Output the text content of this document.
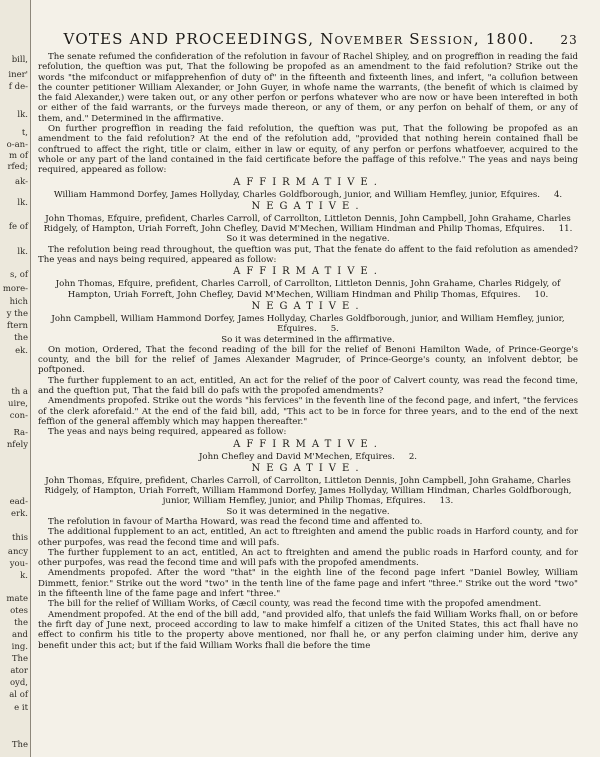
bill,
iner'
f de-
lk.
t,
o-an-
m of
rfed;
ak-
lk.
fe of
lk.
s, of
more-
hich
y the
ftern
the
ek.
th a
uire,
con-
Ra-
nfely
ead-
erk.
this
ancy
you-
k.
mate
otes
the
and
ing.
The
ator
oyd,
al of
e it
The
VOTES AND PROCEEDINGS, November Session, 1800.	23

The senate refumed the confideration of the refolution in favour of Rachel Shipley, and on progreffion in reading the faid refolution, the queftion was put, That the following be propofed as an amendment to the faid refolution? Strike out the words "the mifconduct or mifapprehenfion of duty of" in the fifteenth and fixteenth lines, and infert, "a collufion between the counter petitioner William Alexander, or John Guyer, in whofe name the warrants, (the benefit of which is claimed by the faid Alexander,) were taken out, or any other perfon or perfons whatever who are now or have been interefted in both or either of the faid warrants, or the furveys made thereon, or any of them, or any perfon on behalf of them, or any of them, and." Determined in the affirmative.

On further progreffion in reading the faid refolution, the queftion was put, That the following be propofed as an amendment to the faid refolution? At the end of the refolution add, "provided that nothing herein contained fhall be conftrued to affect the right, title or claim, either in law or equity, of any perfon or perfons whatfoever, acquired to the whole or any part of the land contained in the faid certificate before the paffage of this refolve." The yeas and nays being required, appeared as follow:

AFFIRMATIVE.
William Hammond Dorfey, James Hollyday, Charles Goldfborough, junior, and William Hemfley, junior, Efquires. 4.
NEGATIVE.
John Thomas, Efquire, prefident, Charles Carroll, of Carrollton, Littleton Dennis, John Campbell, John Grahame, Charles Ridgely, of Hampton, Uriah Forreft, John Chefley, David M'Mechen, William Hindman and Philip Thomas, Efquires. 11.
So it was determined in the negative.

The refolution being read throughout, the queftion was put, That the fenate do affent to the faid refolution as amended? The yeas and nays being required, appeared as follow:

AFFIRMATIVE.
John Thomas, Efquire, prefident, Charles Carroll, of Carrollton, Littleton Dennis, John Grahame, Charles Ridgely, of Hampton, Uriah Forreft, John Chefley, David M'Mechen, William Hindman and Philip Thomas, Efquires. 10.
NEGATIVE.
John Campbell, William Hammond Dorfey, James Hollyday, Charles Goldfborough, junior, and William Hemfley, junior, Efquires. 5.
So it was determined in the affirmative.

On motion, Ordered, That the fecond reading of the bill for the relief of Benoni Hamilton Wade, of Prince-George's county, and the bill for the relief of James Alexander Magruder, of Prince-George's county, an infolvent debtor, be poftponed.

The further fupplement to an act, entitled, An act for the relief of the poor of Calvert county, was read the fecond time, and the queftion put, That the faid bill do pafs with the propofed amendments?

Amendments propofed. Strike out the words "his fervices" in the feventh line of the fecond page, and infert, "the fervices of the clerk aforefaid." At the end of the faid bill, add, "This act to be in force for three years, and to the end of the next feffion of the general affembly which may happen thereafter."

The yeas and nays being required, appeared as follow:

AFFIRMATIVE.
John Chefley and David M'Mechen, Efquires. 2.
NEGATIVE.
John Thomas, Efquire, prefident, Charles Carroll, of Carrollton, Littleton Dennis, John Campbell, John Grahame, Charles Ridgely, of Hampton, Uriah Forreft, William Hammond Dorfey, James Hollyday, William Hindman, Charles Goldfborough, junior, William Hemfley, junior, and Philip Thomas, Efquires. 13.
So it was determined in the negative.

The refolution in favour of Martha Howard, was read the fecond time and affented to.

The additional fupplement to an act, entitled, An act to ftreighten and amend the public roads in Harford county, and for other purpofes, was read the fecond time and will pafs.

The further fupplement to an act, entitled, An act to ftreighten and amend the public roads in Harford county, and for other purpofes, was read the fecond time and will pafs with the propofed amendments.

Amendments propofed. After the word "that" in the eighth line of the fecond page infert "Daniel Bowley, William Dimmett, fenior." Strike out the word "two" in the tenth line of the fame page and infert "three." Strike out the word "two" in the fifteenth line of the fame page and infert "three."

The bill for the relief of William Works, of Cæcil county, was read the fecond time with the propofed amendment.

Amendment propofed. At the end of the bill add, "and provided alfo, that unlefs the faid William Works fhall, on or before the firft day of June next, proceed according to law to make himfelf a citizen of the United States, this act fhall have no effect to confirm his title to the property above mentioned, nor fhall he, or any perfon claiming under him, derive any benefit under this act; but if the faid William Works fhall die before the time
